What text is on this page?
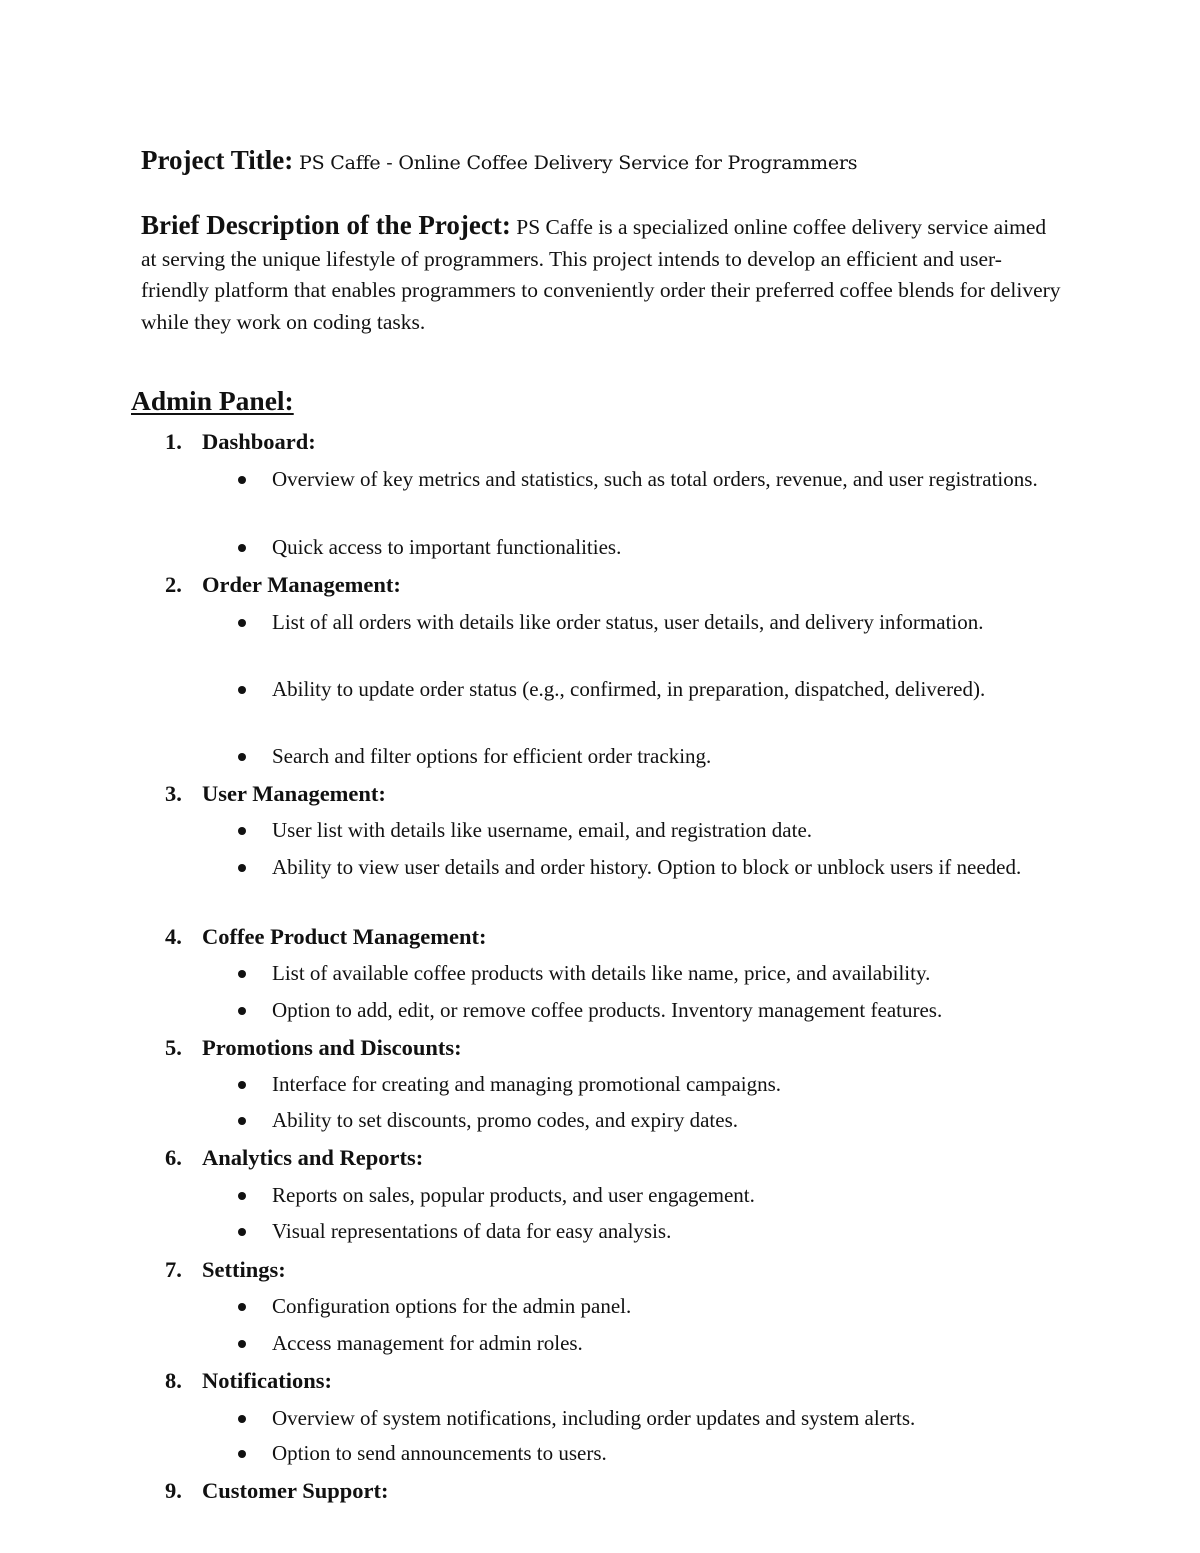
Project Title: PS Caffe - Online Coffee Delivery Service for Programmers

Brief Description of the Project: PS Caffe is a specialized online coffee delivery service aimed at serving the unique lifestyle of programmers. This project intends to develop an efficient and user-friendly platform that enables programmers to conveniently order their preferred coffee blends for delivery while they work on coding tasks.

Admin Panel:
1. Dashboard:

Overview of key metrics and statistics, such as total orders, revenue, and user registrations.

Quick access to important functionalities.

2. Order Management:

List of all orders with details like order status, user details, and delivery information.

Ability to update order status (e.g., confirmed, in preparation, dispatched, delivered).

Search and filter options for efficient order tracking.

3. User Management:

User list with details like username, email, and registration date.

Ability to view user details and order history. Option to block or unblock users if needed.

4. Coffee Product Management:

List of available coffee products with details like name, price, and availability.

Option to add, edit, or remove coffee products. Inventory management features.

5. Promotions and Discounts:

Interface for creating and managing promotional campaigns.

Ability to set discounts, promo codes, and expiry dates.

6. Analytics and Reports:

Reports on sales, popular products, and user engagement.

Visual representations of data for easy analysis.

7. Settings:

Configuration options for the admin panel.

Access management for admin roles.

8. Notifications:

Overview of system notifications, including order updates and system alerts.

Option to send announcements to users.

9. Customer Support:
